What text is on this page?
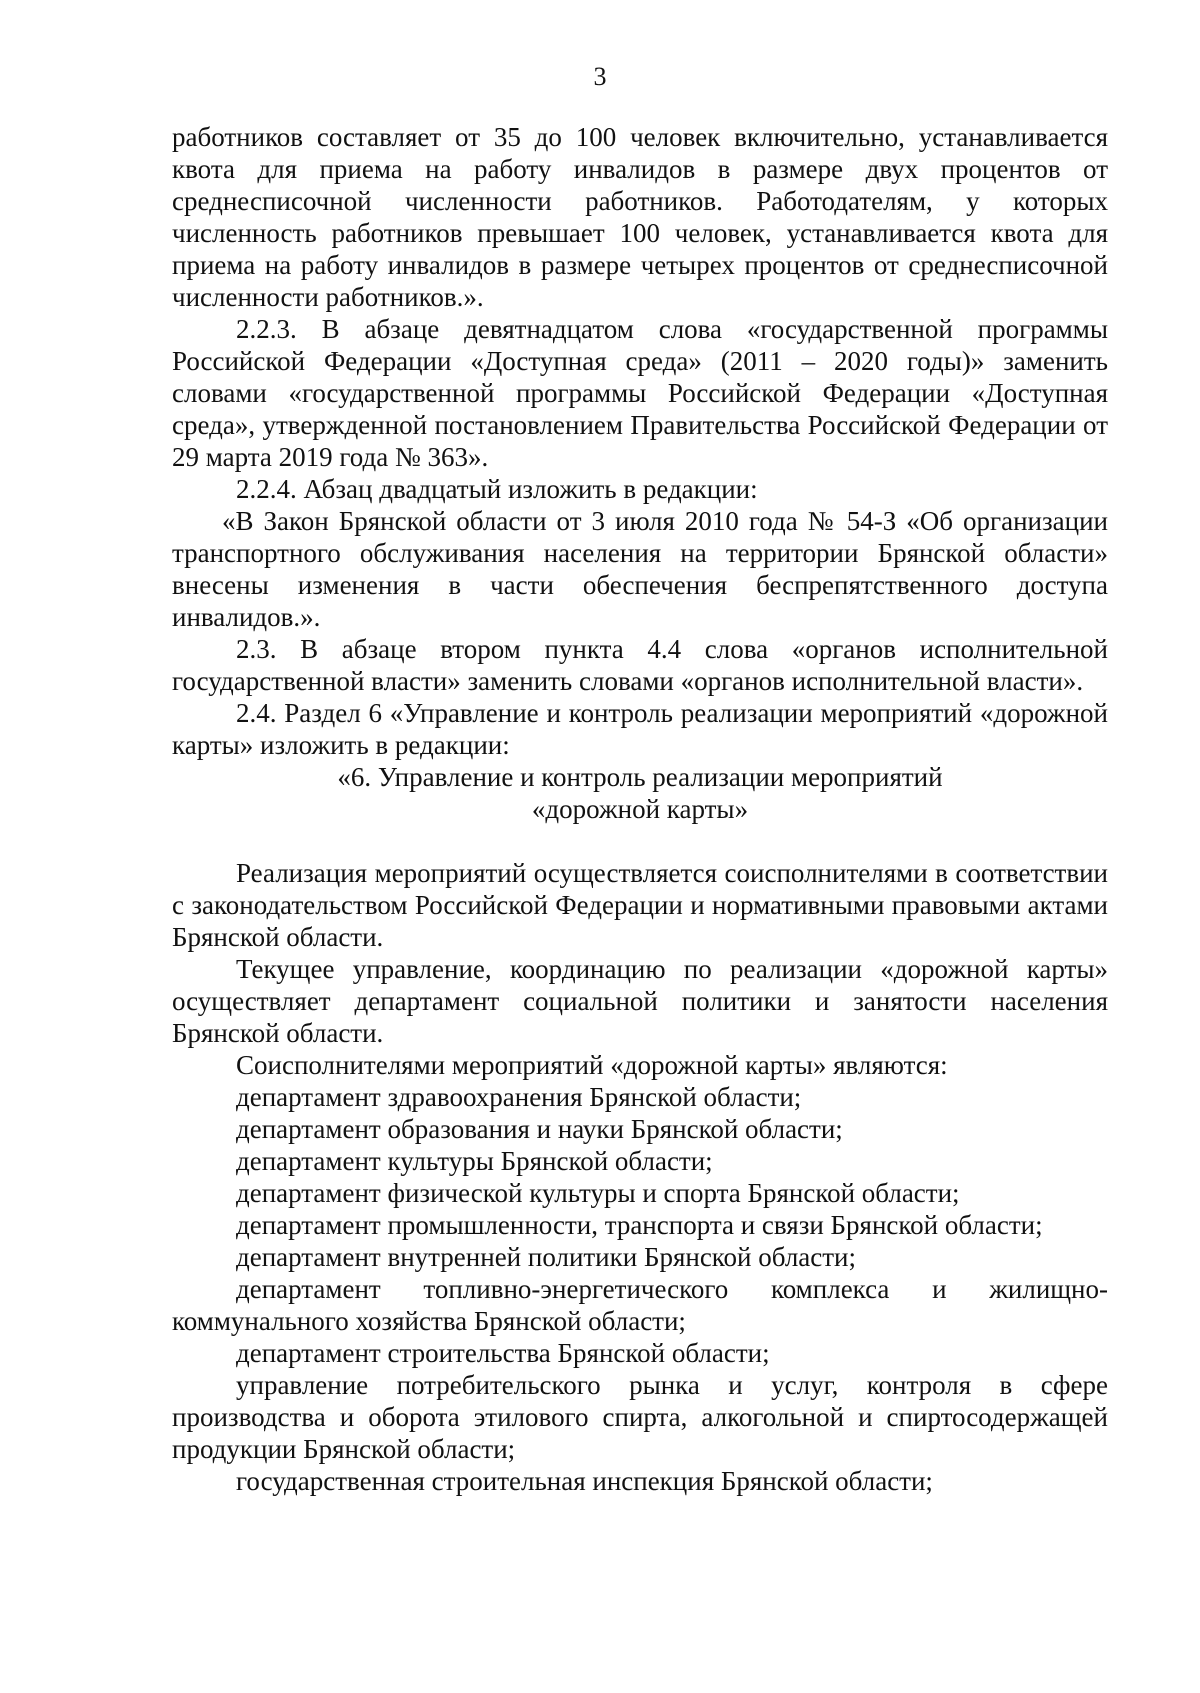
3

работников составляет от 35 до 100 человек включительно, устанавливается квота для приема на работу инвалидов в размере двух процентов от среднесписочной численности работников. Работодателям, у которых численность работников превышает 100 человек, устанавливается квота для приема на работу инвалидов в размере четырех процентов от среднесписочной численности работников.».

2.2.3. В абзаце девятнадцатом слова «государственной программы Российской Федерации «Доступная среда» (2011 – 2020 годы)» заменить словами «государственной программы Российской Федерации «Доступная среда», утвержденной постановлением Правительства Российской Федерации от 29 марта 2019 года № 363».

2.2.4. Абзац двадцатый изложить в редакции:

«В Закон Брянской области от 3 июля 2010 года № 54-З «Об организации транспортного обслуживания населения на территории Брянской области» внесены изменения в части обеспечения беспрепятственного доступа инвалидов.».

2.3. В абзаце втором пункта 4.4 слова «органов исполнительной государственной власти» заменить словами «органов исполнительной власти».

2.4. Раздел 6 «Управление и контроль реализации мероприятий «дорожной карты» изложить в редакции:

«6. Управление и контроль реализации мероприятий

«дорожной карты»

Реализация мероприятий осуществляется соисполнителями в соответствии с законодательством Российской Федерации и нормативными правовыми актами Брянской области.

Текущее управление, координацию по реализации «дорожной карты» осуществляет департамент социальной политики и занятости населения Брянской области.

Соисполнителями мероприятий «дорожной карты» являются:

департамент здравоохранения Брянской области;

департамент образования и науки Брянской области;

департамент культуры Брянской области;

департамент физической культуры и спорта Брянской области;

департамент промышленности, транспорта и связи Брянской области;

департамент внутренней политики Брянской области;

департамент топливно-энергетического комплекса и жилищно-коммунального хозяйства Брянской области;

департамент строительства Брянской области;

управление потребительского рынка и услуг, контроля в сфере производства и оборота этилового спирта, алкогольной и спиртосодержащей продукции Брянской области;

государственная строительная инспекция Брянской области;
